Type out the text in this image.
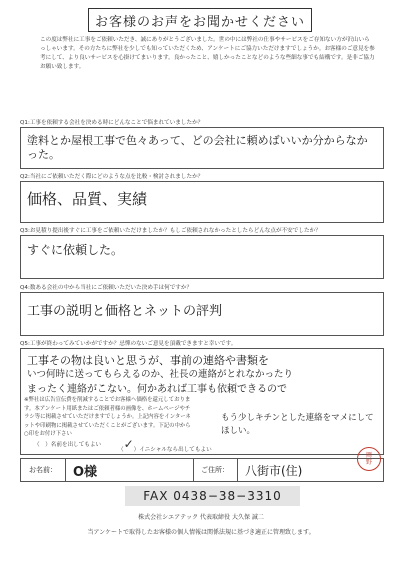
お客様のお声をお聞かせください
この度は弊社に工事をご依頼いただき、誠にありがとうございました。世の中には弊社の仕事やサービスをご存知ない方が沢山いらっしゃいます。その方たちに弊社を少しでも知っていただくため、アンケートにご協力いただけますでしょうか。お客様のご意見を参考にして、より良いサービスを心掛けてまいります。良かったこと、嬉しかったことなどのような些細な事でも結構です。是非ご協力お願い致します。
Q1:工事を依頼する会社を決める時にどんなことで悩まれていましたか？
塗料とか屋根工事で色々あって、どの会社に頼めばいいか分からなかった。
Q2:当社にご依頼いただく際にどのような点を比較・検討されましたか？
価格、品質、実績
Q3:お見積り提出後すぐに工事をご依頼いただけましたか？もしご依頼されなかったとしたらどんな点が不安でしたか？
すぐに依頼した。
Q4:数ある会社の中から当社にご依頼いただいた決め手は何ですか？
工事の説明と価格とネットの評判
Q5:工事が終わってみていかがですか？忌憚のないご意見を頂戴できますと幸いです。
工事その物は良いと思うが、事前の連絡や書類を
いつ何時に送ってもらえるのか、社長の連絡がとれなかったり
まったく連絡がこない。何かあれば工事も依頼できるので
もう少しキチンとした連絡をマメにしてほしい。
※弊社は広告宣伝費を削減することでお客様へ価格を還元しております。本アンケート用紙またはご依頼者様の画像を、ホームページやチラシ等に掲載させていただけますでしょうか。上記内容をインターネットや印刷物に掲載させていただくことがございます。下記の中から○印をお付け下さい
（　）名前を出してもよい
（✓）イニシャルなら出してもよい
お名前：	O様	ご住所：	八街市(住)
岡
野
FAX 0438−38−3310
株式会社シエアテック 代表取締役 大久保 誠二
当アンケートで取得したお客様の個人情報は関係法規に基づき適正に管理致します。
